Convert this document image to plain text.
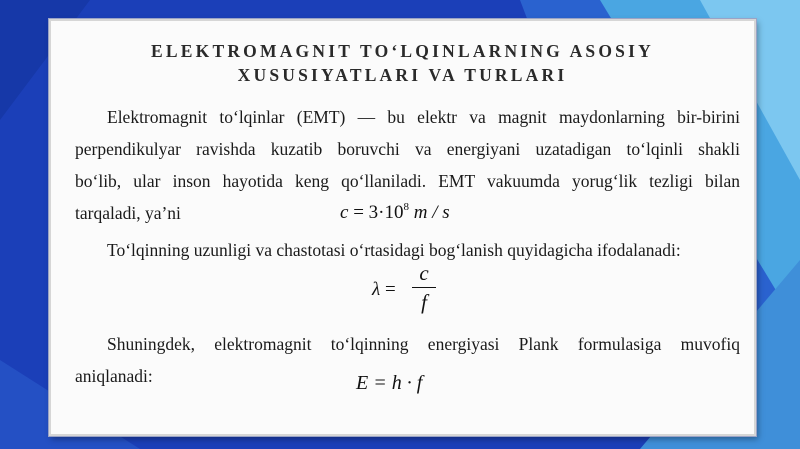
ELEKTROMAGNIT TO‘LQINLARNING ASOSIY
XUSUSIYATLARI VA TURLARI
Elektromagnit to‘lqinlar (EMT) — bu elektr va magnit maydonlarning bir-birini
perpendikulyar ravishda kuzatib boruvchi va energiyani uzatadigan to‘lqinli shakli
bo‘lib, ular inson hayotida keng qo‘llaniladi. EMT vakuumda yorug‘lik tezligi bilan
tarqaladi, ya’ni	$c = 3\cdot 10^8$ m / s
To‘lqinning uzunligi va chastotasi o‘rtasidagi bog‘lanish quyidagicha ifodalanadi:
λ =
c
f
Shuningdek, elektromagnit to‘lqinning energiyasi Plank formulasiga muvofiq
aniqlanadi:	E = h · f
